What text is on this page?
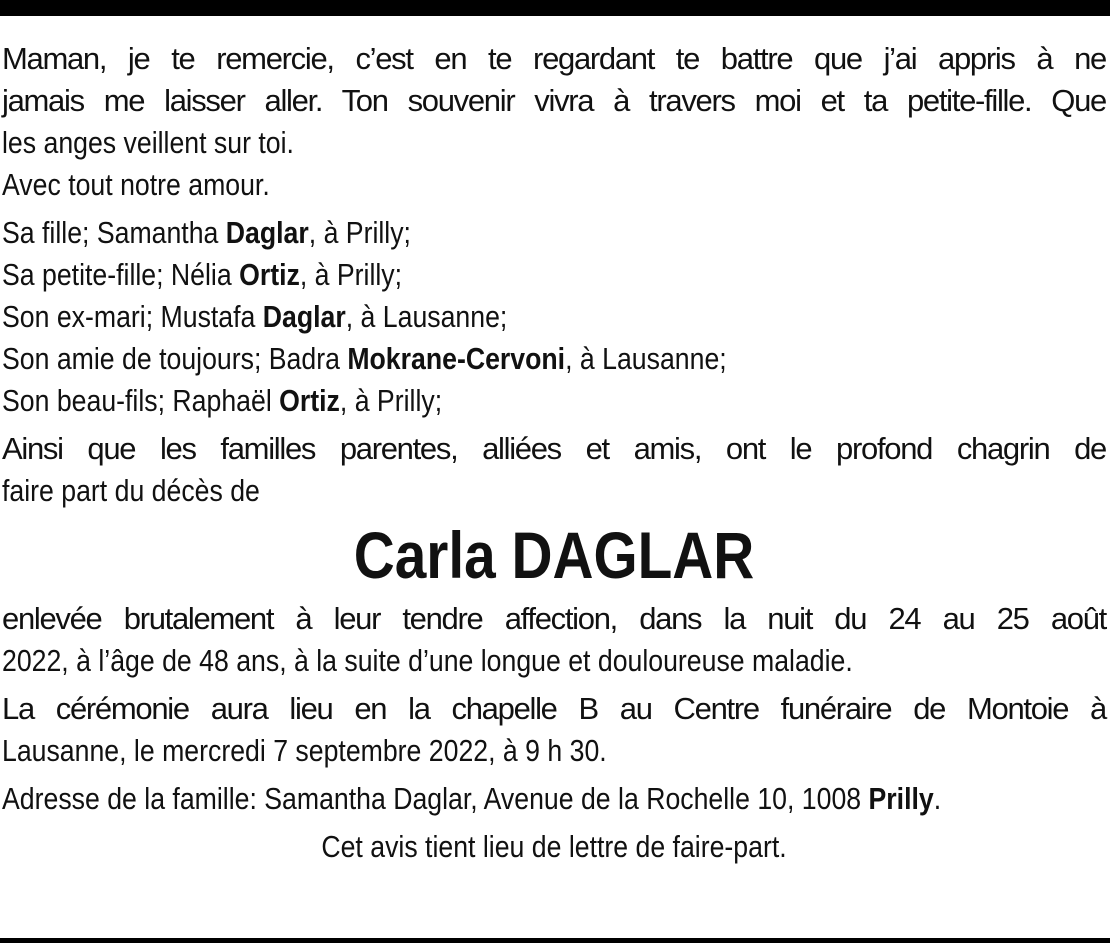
Maman, je te remercie, c’est en te regardant te battre que j’ai appris à ne
jamais me laisser aller. Ton souvenir vivra à travers moi et ta petite-fille. Que
les anges veillent sur toi.
Avec tout notre amour.
Sa fille; Samantha Daglar, à Prilly;
Sa petite-fille; Nélia Ortiz, à Prilly;
Son ex-mari; Mustafa Daglar, à Lausanne;
Son amie de toujours; Badra Mokrane-Cervoni, à Lausanne;
Son beau-fils; Raphaël Ortiz, à Prilly;
Ainsi que les familles parentes, alliées et amis, ont le profond chagrin de
faire part du décès de
Carla DAGLAR
enlevée brutalement à leur tendre affection, dans la nuit du 24 au 25 août
2022, à l’âge de 48 ans, à la suite d’une longue et douloureuse maladie.
La cérémonie aura lieu en la chapelle B au Centre funéraire de Montoie à
Lausanne, le mercredi 7 septembre 2022, à 9 h 30.
Adresse de la famille: Samantha Daglar, Avenue de la Rochelle 10, 1008 Prilly.
Cet avis tient lieu de lettre de faire-part.
